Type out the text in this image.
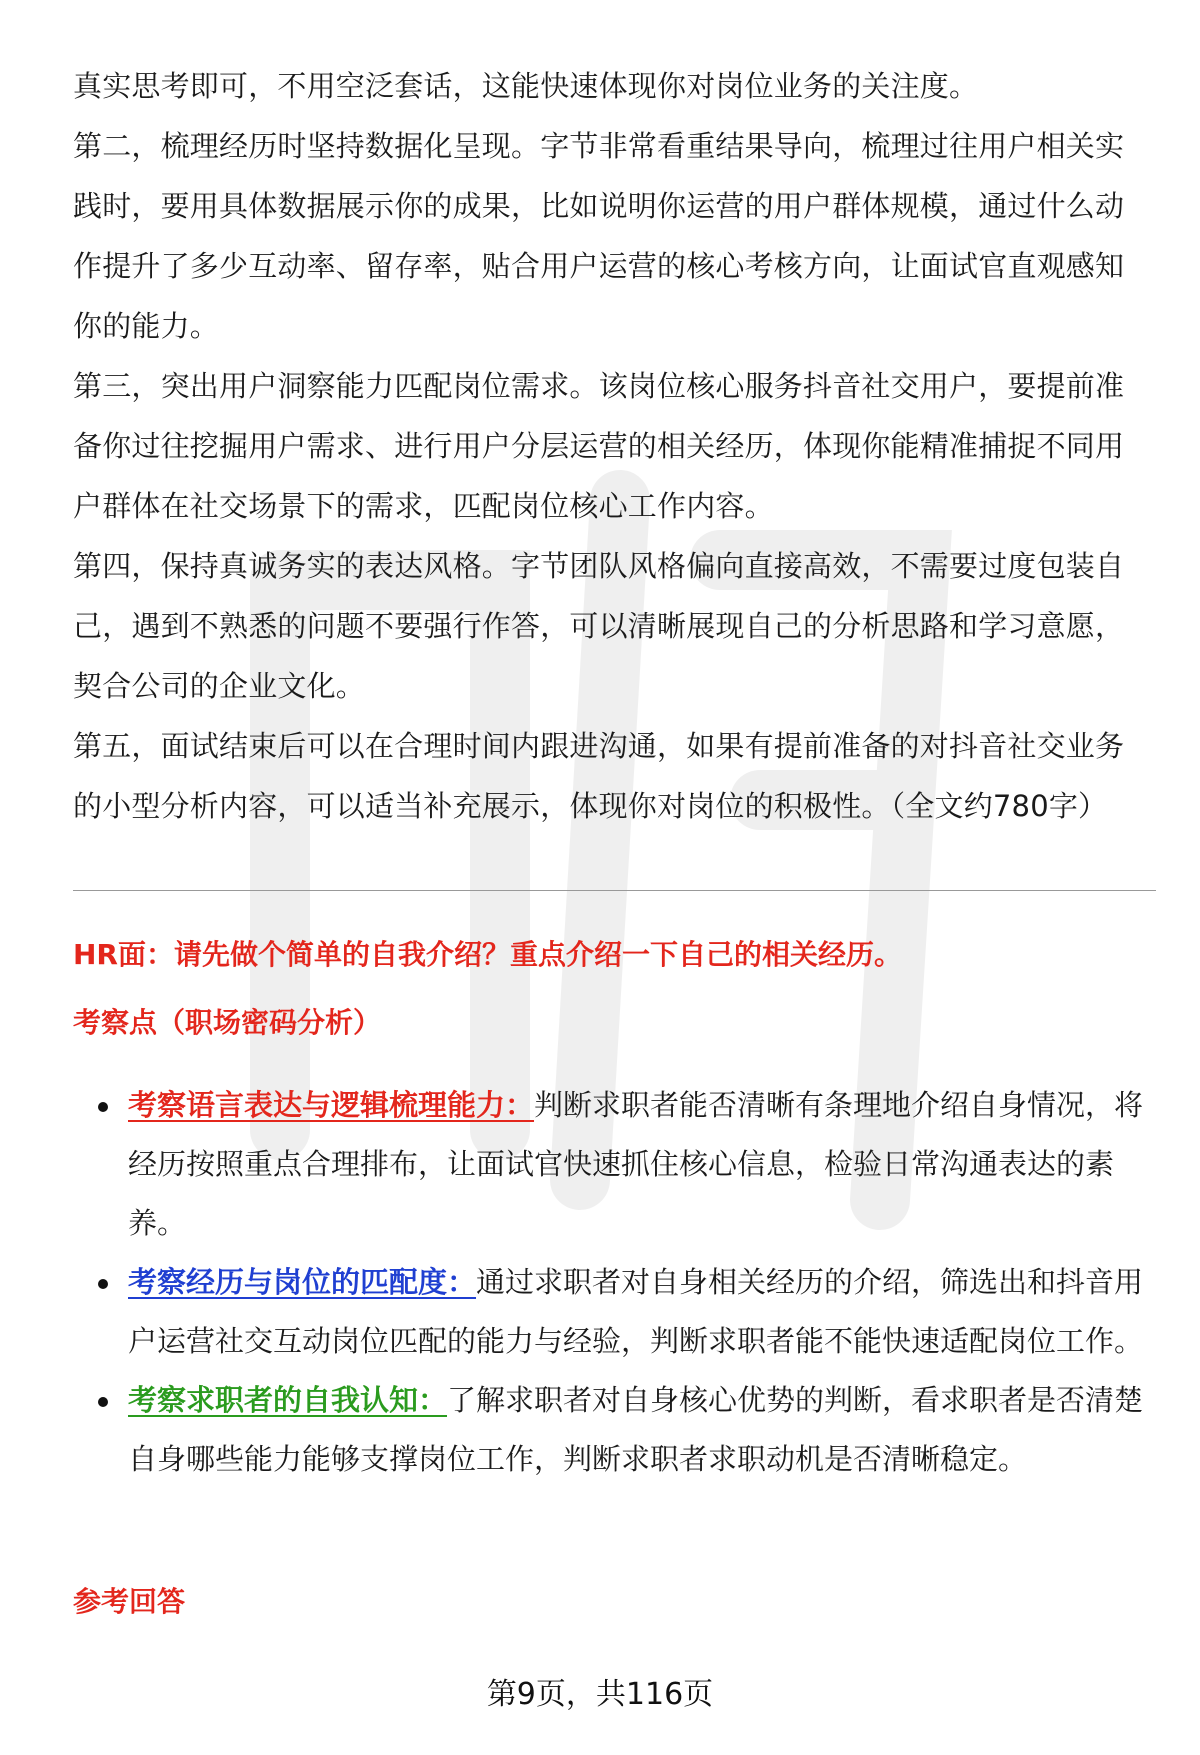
真实思考即可，不用空泛套话，这能快速体现你对岗位业务的关注度。

第二，梳理经历时坚持数据化呈现。字节非常看重结果导向，梳理过往用户相关实践时，要用具体数据展示你的成果，比如说明你运营的用户群体规模，通过什么动作提升了多少互动率、留存率，贴合用户运营的核心考核方向，让面试官直观感知你的能力。

第三，突出用户洞察能力匹配岗位需求。该岗位核心服务抖音社交用户，要提前准备你过往挖掘用户需求、进行用户分层运营的相关经历，体现你能精准捕捉不同用户群体在社交场景下的需求，匹配岗位核心工作内容。

第四，保持真诚务实的表达风格。字节团队风格偏向直接高效，不需要过度包装自己，遇到不熟悉的问题不要强行作答，可以清晰展现自己的分析思路和学习意愿，契合公司的企业文化。

第五，面试结束后可以在合理时间内跟进沟通，如果有提前准备的对抖音社交业务的小型分析内容，可以适当补充展示，体现你对岗位的积极性。（全文约780字）

HR面：请先做个简单的自我介绍？重点介绍一下自己的相关经历。
考察点（职场密码分析）
考察语言表达与逻辑梳理能力：判断求职者能否清晰有条理地介绍自身情况，将经历按照重点合理排布，让面试官快速抓住核心信息，检验日常沟通表达的素养。
考察经历与岗位的匹配度：通过求职者对自身相关经历的介绍，筛选出和抖音用户运营社交互动岗位匹配的能力与经验，判断求职者能不能快速适配岗位工作。
考察求职者的自我认知：了解求职者对自身核心优势的判断，看求职者是否清楚自身哪些能力能够支撑岗位工作，判断求职者求职动机是否清晰稳定。
参考回答
第9页，共116页
